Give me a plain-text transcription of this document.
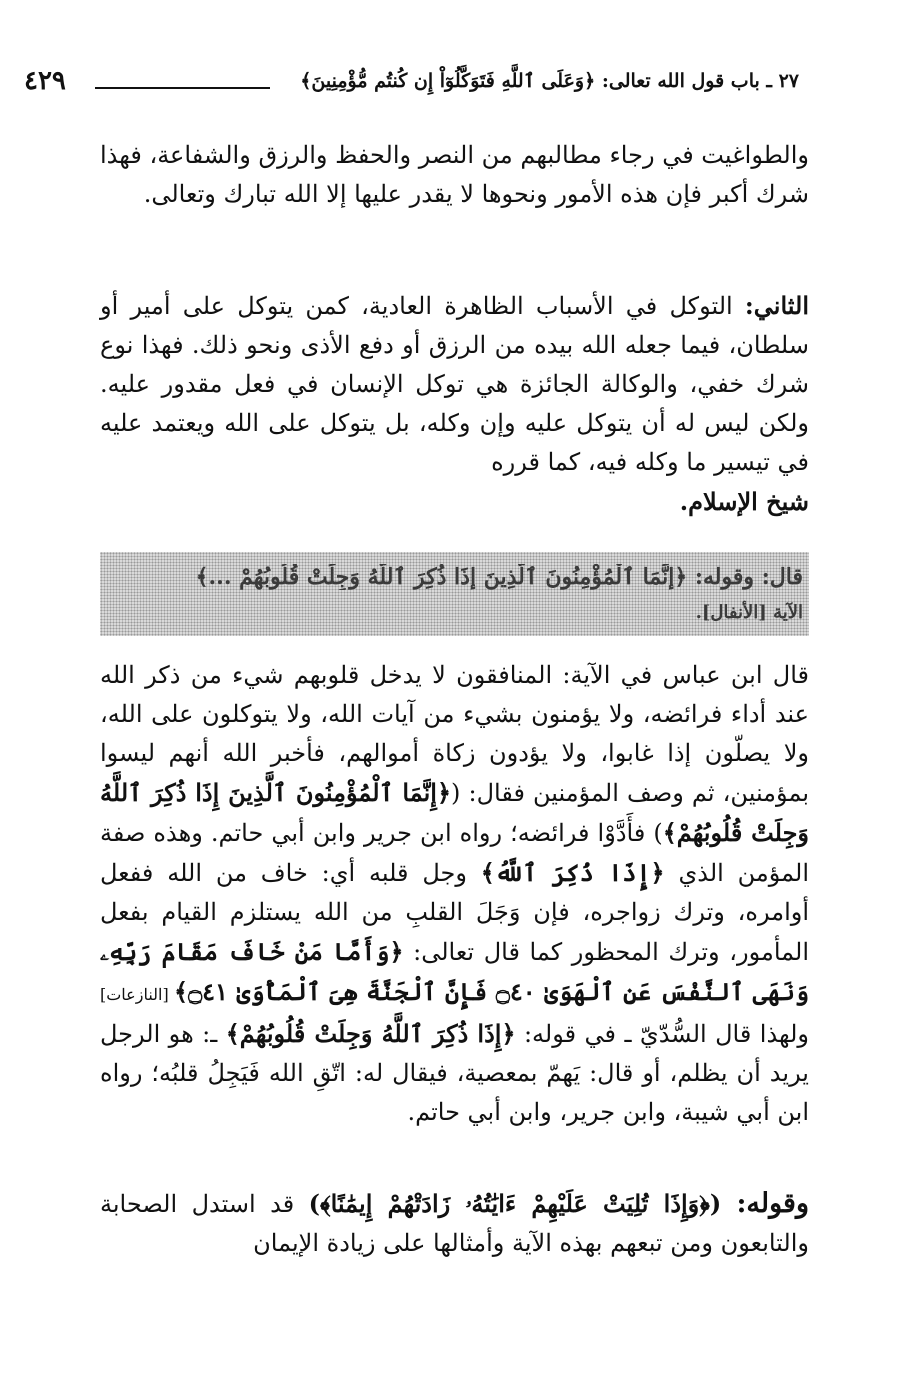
٢٧ ـ باب قول الله تعالى: ﴿وَعَلَى ٱللَّهِ فَتَوَكَّلُوٓاْ إِن كُنتُم مُّؤْمِنِينَ﴾
٤٢٩
والطواغيت في رجاء مطالبهم من النصر والحفظ والرزق والشفاعة، فهذا شرك أكبر فإن هذه الأمور ونحوها لا يقدر عليها إلا الله تبارك وتعالى.
الثاني: التوكل في الأسباب الظاهرة العادية، كمن يتوكل على أمير أو سلطان، فيما جعله الله بيده من الرزق أو دفع الأذى ونحو ذلك. فهذا نوع شرك خفي، والوكالة الجائزة هي توكل الإنسان في فعل مقدور عليه. ولكن ليس له أن يتوكل عليه وإن وكله، بل يتوكل على الله ويعتمد عليه في تيسير ما وكله فيه، كما قرره
شيخ الإسلام.
قال: وقوله: ﴿إِنَّمَا ٱلْمُؤْمِنُونَ ٱلَّذِينَ إِذَا ذُكِرَ ٱللَّهُ وَجِلَتْ قُلُوبُهُمْ ...﴾
الآية [الأنفال].
قال ابن عباس في الآية: المنافقون لا يدخل قلوبهم شيء من ذكر الله عند أداء فرائضه، ولا يؤمنون بشيء من آيات الله، ولا يتوكلون على الله، ولا يصلّون إذا غابوا، ولا يؤدون زكاة أموالهم، فأخبر الله أنهم ليسوا بمؤمنين، ثم وصف المؤمنين فقال: (﴿إِنَّمَا ٱلْمُؤْمِنُونَ ٱلَّذِينَ إِذَا ذُكِرَ ٱللَّهُ وَجِلَتْ قُلُوبُهُمْ﴾) فأَدَّوْا فرائضه؛ رواه ابن جرير وابن أبي حاتم. وهذه صفة المؤمن الذي ﴿إِذَا ذُكِرَ ٱللَّهُ﴾ وجل قلبه أي: خاف من الله ففعل أوامره، وترك زواجره، فإن وَجَلَ القلبِ من الله يستلزم القيام بفعل المأمور، وترك المحظور كما قال تعالى: ﴿وَأَمَّا مَنْ خَافَ مَقَامَ رَبِّهِۦ وَنَهَى ٱلنَّفْسَ عَنِ ٱلْهَوَىٰ ۝٤٠ فَإِنَّ ٱلْجَنَّةَ هِىَ ٱلْمَأْوَىٰ ۝٤١﴾ [النازعات] ولهذا قال السُّدّيّ ـ في قوله: ﴿إِذَا ذُكِرَ ٱللَّهُ وَجِلَتْ قُلُوبُهُمْ﴾ ـ: هو الرجل يريد أن يظلم، أو قال: يَهمّ بمعصية، فيقال له: اتّقِ الله فَيَجِلُ قلبُه؛ رواه ابن أبي شيبة، وابن جرير، وابن أبي حاتم.
وقوله: (﴿وَإِذَا تُلِيَتْ عَلَيْهِمْ ءَايَٰتُهُۥ زَادَتْهُمْ إِيمَٰنًا﴾) قد استدل الصحابة والتابعون ومن تبعهم بهذه الآية وأمثالها على زيادة الإيمان
